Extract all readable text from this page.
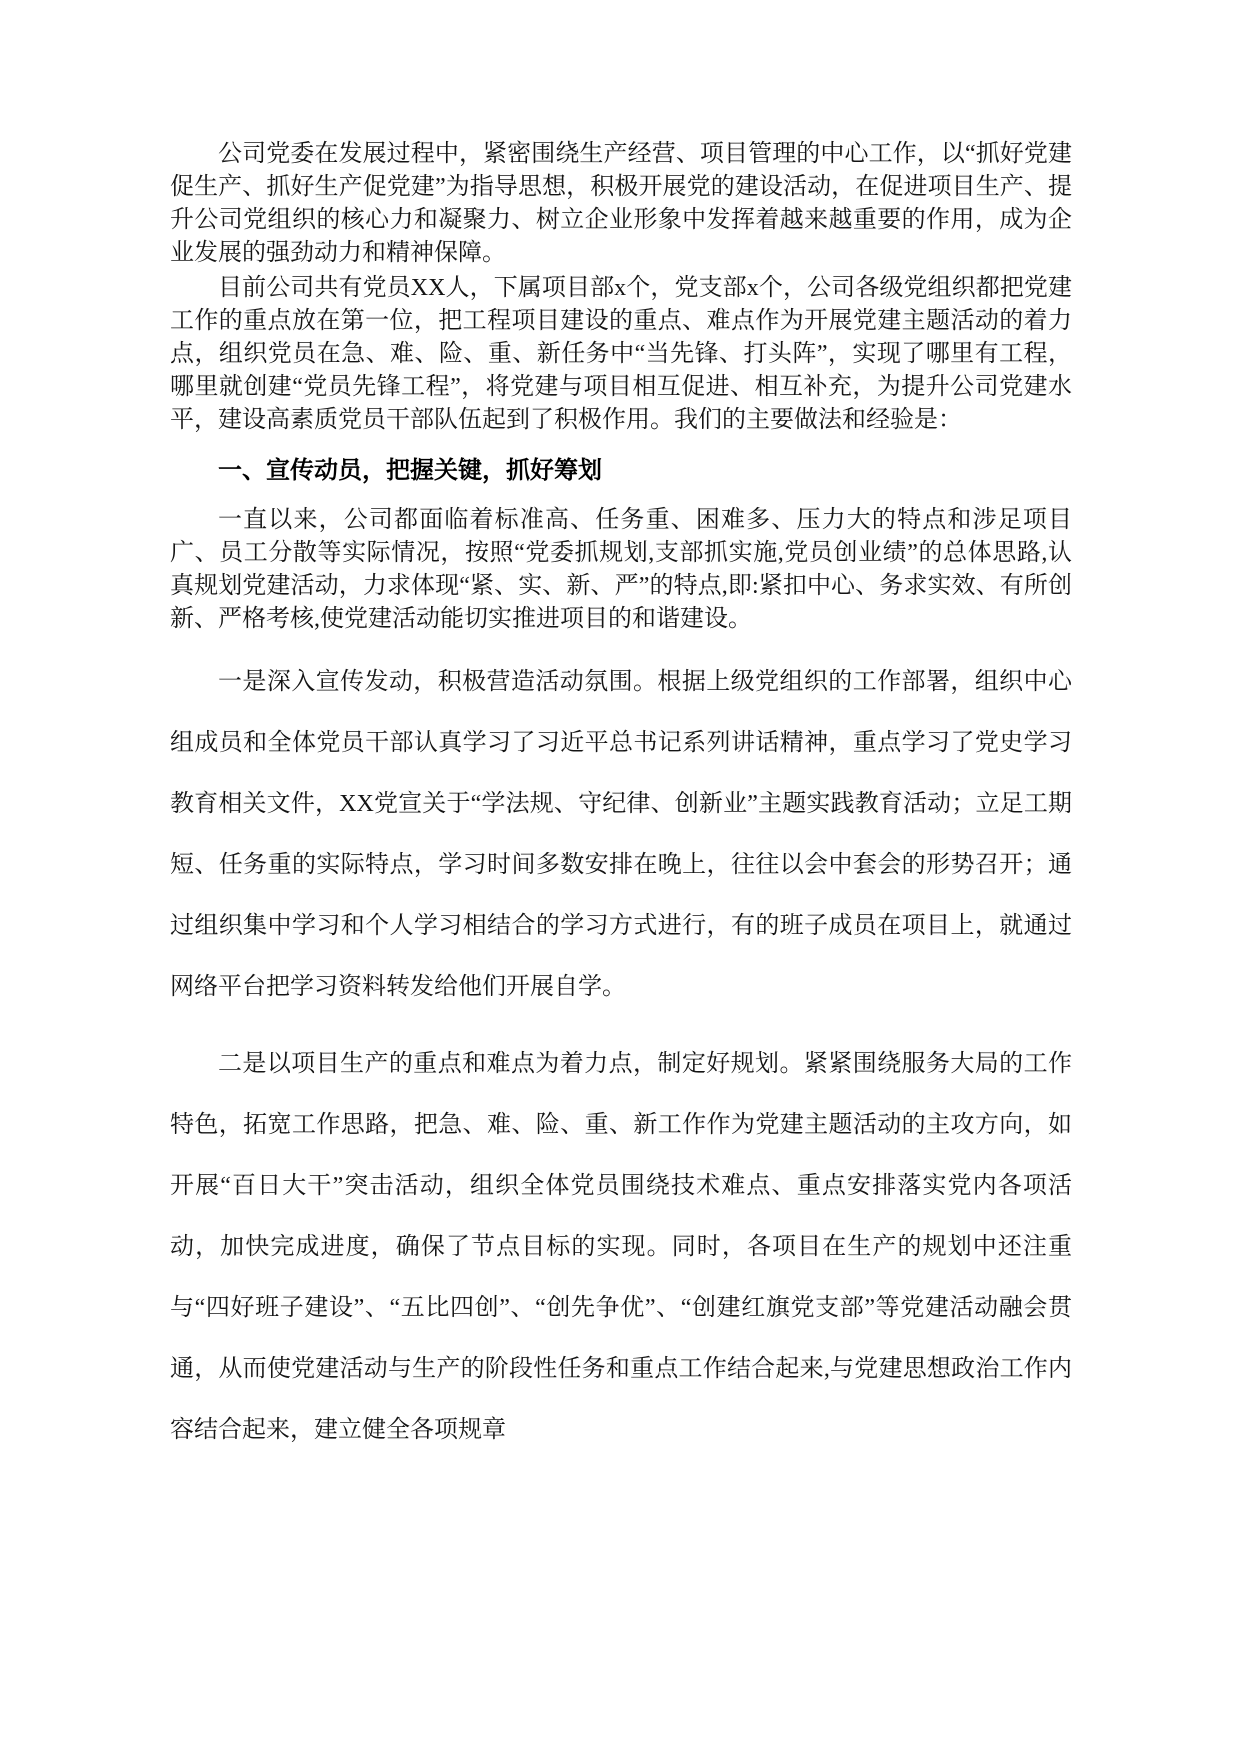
公司党委在发展过程中，紧密围绕生产经营、项目管理的中心工作，以“抓好党建促生产、抓好生产促党建”为指导思想，积极开展党的建设活动，在促进项目生产、提升公司党组织的核心力和凝聚力、树立企业形象中发挥着越来越重要的作用，成为企业发展的强劲动力和精神保障。

目前公司共有党员XX人，下属项目部x个，党支部x个，公司各级党组织都把党建工作的重点放在第一位，把工程项目建设的重点、难点作为开展党建主题活动的着力点，组织党员在急、难、险、重、新任务中“当先锋、打头阵”，实现了哪里有工程，哪里就创建“党员先锋工程”，将党建与项目相互促进、相互补充，为提升公司党建水平，建设高素质党员干部队伍起到了积极作用。我们的主要做法和经验是：

一、宣传动员，把握关键，抓好筹划

一直以来，公司都面临着标准高、任务重、困难多、压力大的特点和涉足项目广、员工分散等实际情况，按照“党委抓规划,支部抓实施,党员创业绩”的总体思路,认真规划党建活动，力求体现“紧、实、新、严”的特点,即:紧扣中心、务求实效、有所创新、严格考核,使党建活动能切实推进项目的和谐建设。

一是深入宣传发动，积极营造活动氛围。根据上级党组织的工作部署，组织中心组成员和全体党员干部认真学习了习近平总书记系列讲话精神，重点学习了党史学习教育相关文件，XX党宣关于“学法规、守纪律、创新业”主题实践教育活动；立足工期短、任务重的实际特点，学习时间多数安排在晚上，往往以会中套会的形势召开；通过组织集中学习和个人学习相结合的学习方式进行，有的班子成员在项目上，就通过网络平台把学习资料转发给他们开展自学。

二是以项目生产的重点和难点为着力点，制定好规划。紧紧围绕服务大局的工作特色，拓宽工作思路，把急、难、险、重、新工作作为党建主题活动的主攻方向，如开展“百日大干”突击活动，组织全体党员围绕技术难点、重点安排落实党内各项活动，加快完成进度，确保了节点目标的实现。同时，各项目在生产的规划中还注重与“四好班子建设”、“五比四创”、“创先争优”、“创建红旗党支部”等党建活动融会贯通，从而使党建活动与生产的阶段性任务和重点工作结合起来,与党建思想政治工作内容结合起来，建立健全各项规章
